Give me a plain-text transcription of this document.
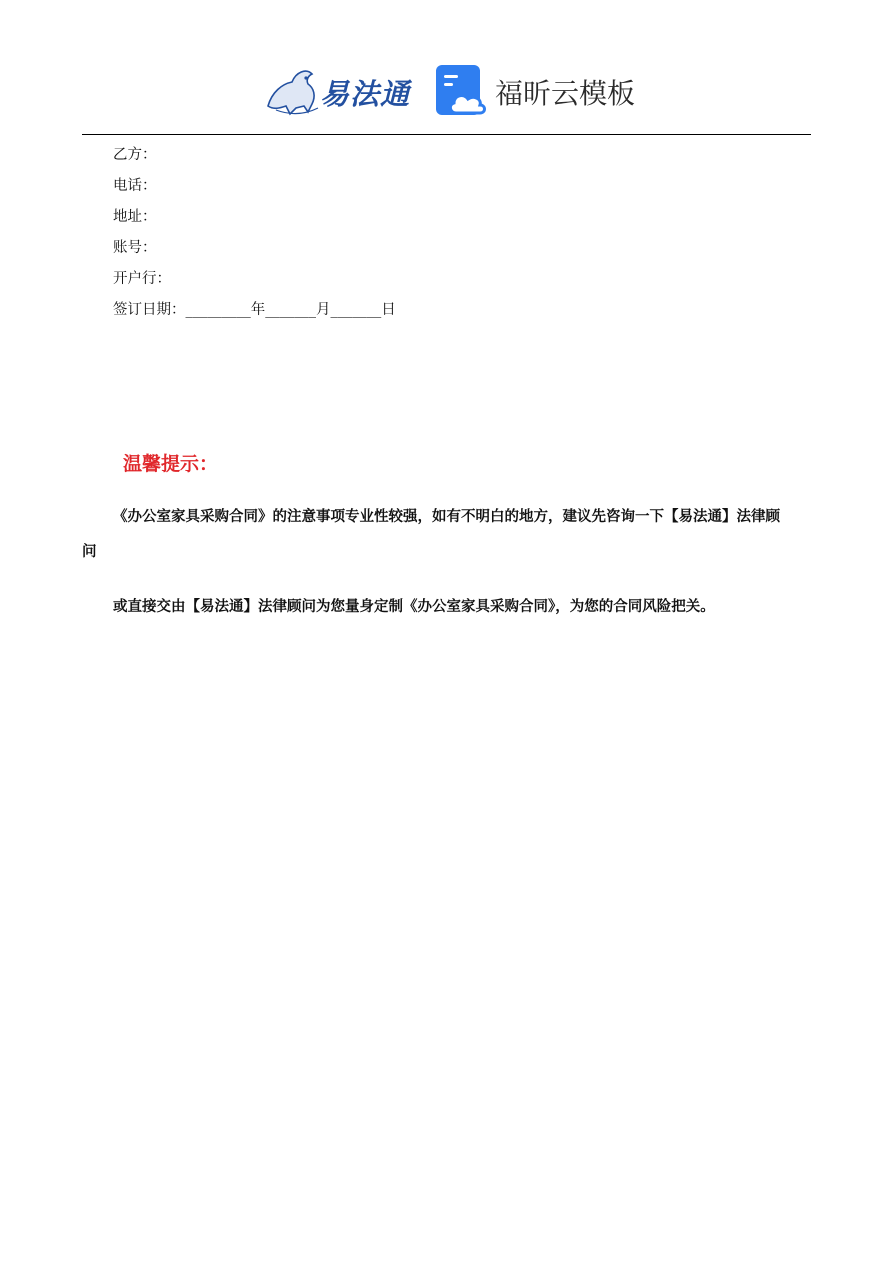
易法通	福昕云模板
乙方：
电话：
地址：
账号：
开户行：
签订日期：_________年_______月_______日
温馨提示：
《办公室家具采购合同》的注意事项专业性较强，如有不明白的地方，建议先咨询一下【易法通】法律顾
问
或直接交由【易法通】法律顾问为您量身定制《办公室家具采购合同》，为您的合同风险把关。
